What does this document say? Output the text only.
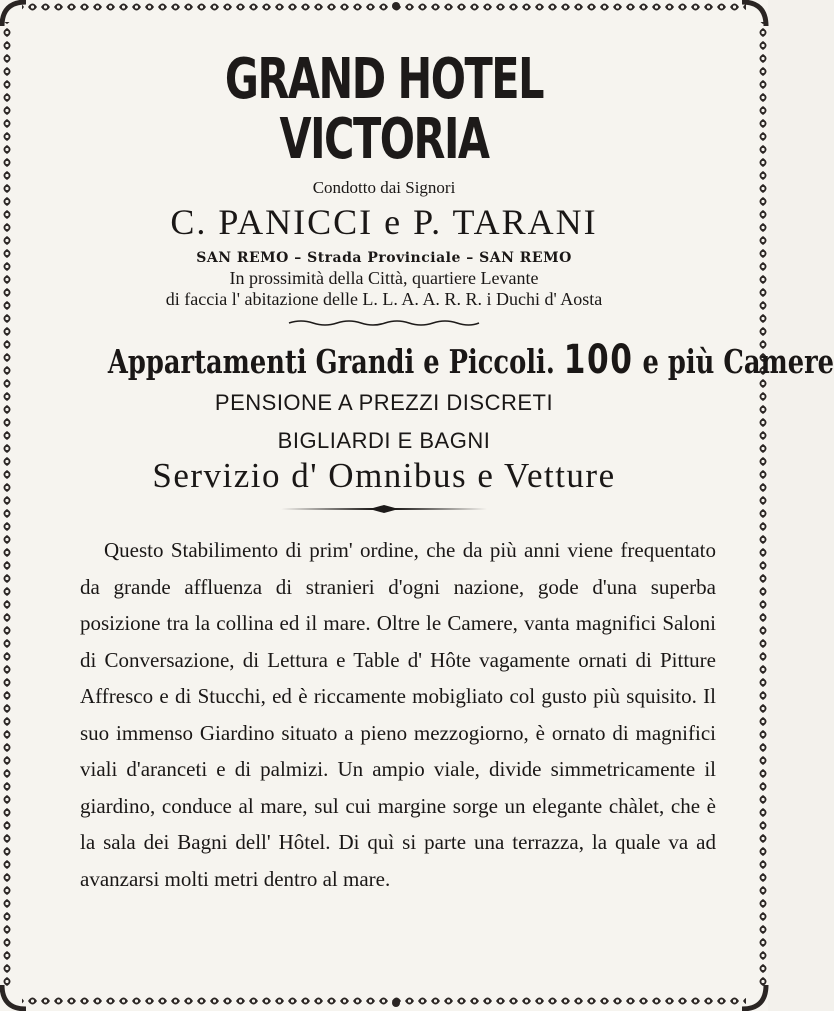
GRAND HOTEL VICTORIA
Condotto dai Signori
C. PANICCI e P. TARANI
SAN REMO – Strada Provinciale – SAN REMO
In prossimità della Città, quartiere Levante
di faccia l' abitazione delle L. L. A. A. R. R. i Duchi d' Aosta
Appartamenti Grandi e Piccoli. 100 e più Camere
PENSIONE A PREZZI DISCRETI
BIGLIARDI E BAGNI
Servizio d' Omnibus e Vetture

Questo Stabilimento di prim' ordine, che da più anni viene frequentato da grande affluenza di stranieri d'ogni nazione, gode d'una superba posizione tra la collina ed il mare. Oltre le Camere, vanta magnifici Saloni di Conversazione, di Lettura e Table d' Hôte vagamente ornati di Pitture Affresco e di Stucchi, ed è riccamente mobigliato col gusto più squisito. Il suo immenso Giardino situato a pieno mezzogiorno, è ornato di magnifici viali d'aranceti e di palmizi. Un ampio viale, divide simmetricamente il giardino, conduce al mare, sul cui margine sorge un elegante chàlet, che è la sala dei Bagni dell' Hôtel. Di quì si parte una terrazza, la quale va ad avanzarsi molti metri dentro al mare.
